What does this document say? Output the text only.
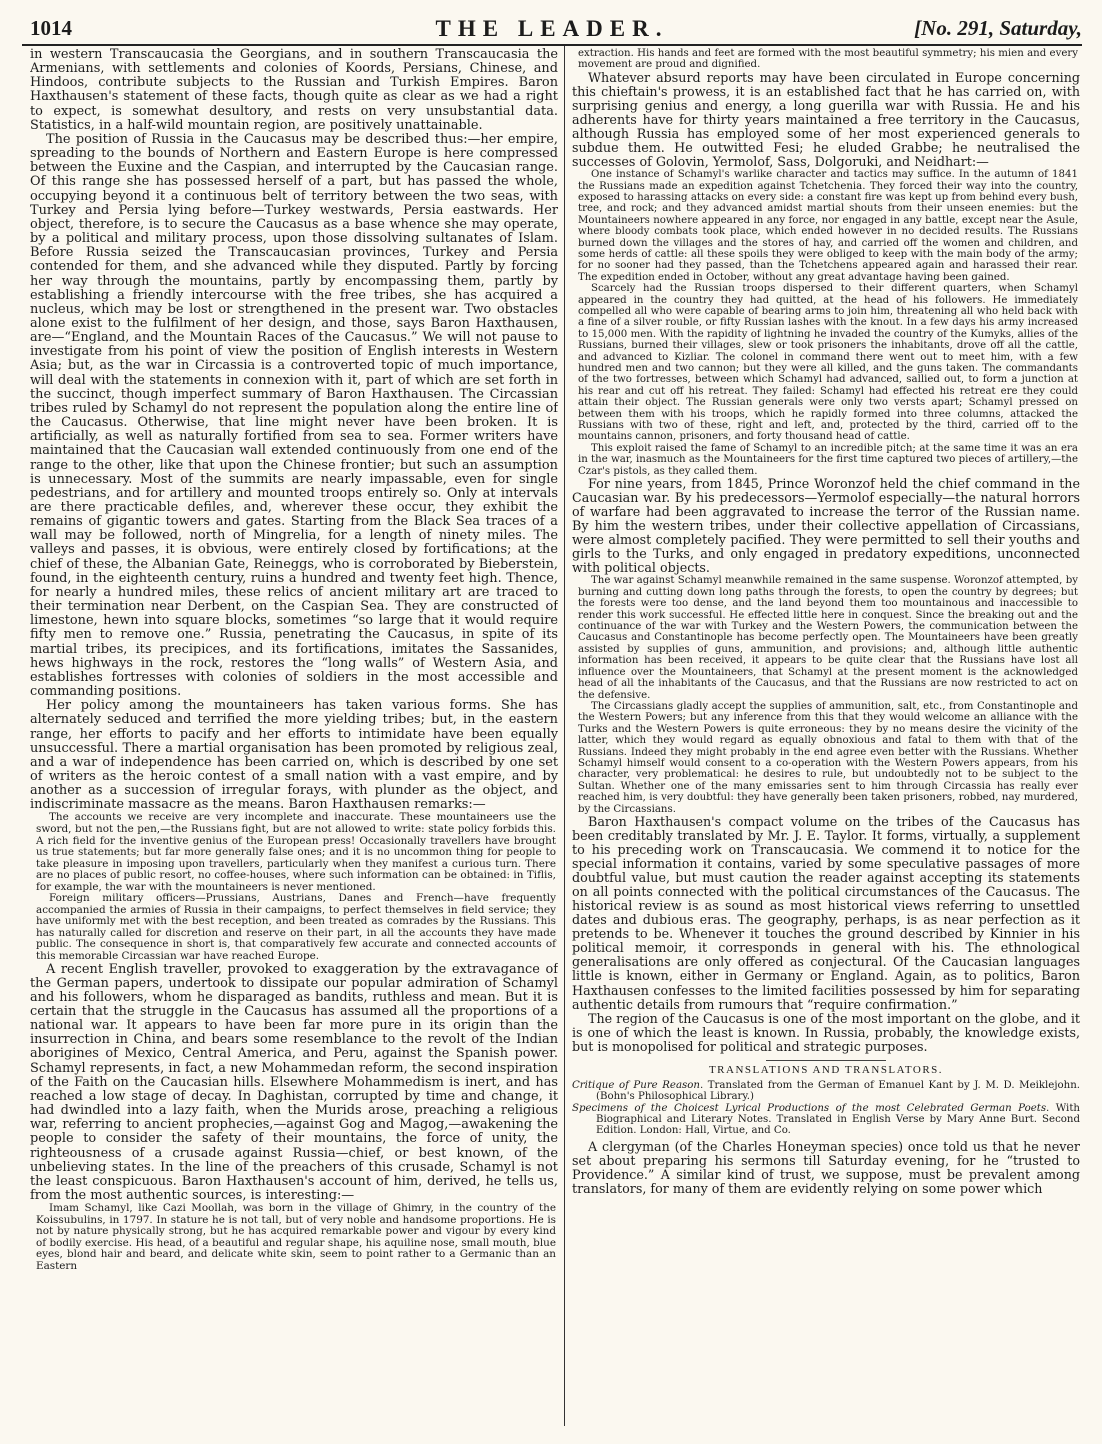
1014	THE LEADER.	[No. 291, Saturday,

in western Transcaucasia the Georgians, and in southern Transcaucasia the Armenians, with settlements and colonies of Koords, Persians, Chinese, and Hindoos, contribute subjects to the Russian and Turkish Empires. Baron Haxthausen's statement of these facts, though quite as clear as we had a right to expect, is somewhat desultory, and rests on very unsubstantial data. Statistics, in a half-wild mountain region, are positively unattainable.

The position of Russia in the Caucasus may be described thus:—her empire, spreading to the bounds of Northern and Eastern Europe is here compressed between the Euxine and the Caspian, and interrupted by the Caucasian range. Of this range she has possessed herself of a part, but has passed the whole, occupying beyond it a continuous belt of territory between the two seas, with Turkey and Persia lying before—Turkey westwards, Persia eastwards. Her object, therefore, is to secure the Caucasus as a base whence she may operate, by a political and military process, upon those dissolving sultanates of Islam. Before Russia seized the Transcaucasian provinces, Turkey and Persia contended for them, and she advanced while they disputed. Partly by forcing her way through the mountains, partly by encompassing them, partly by establishing a friendly intercourse with the free tribes, she has acquired a nucleus, which may be lost or strengthened in the present war. Two obstacles alone exist to the fulfilment of her design, and those, says Baron Haxthausen, are—“England, and the Mountain Races of the Caucasus.” We will not pause to investigate from his point of view the position of English interests in Western Asia; but, as the war in Circassia is a controverted topic of much importance, will deal with the statements in connexion with it, part of which are set forth in the succinct, though imperfect summary of Baron Haxthausen. The Circassian tribes ruled by Schamyl do not represent the population along the entire line of the Caucasus. Otherwise, that line might never have been broken. It is artificially, as well as naturally fortified from sea to sea. Former writers have maintained that the Caucasian wall extended continuously from one end of the range to the other, like that upon the Chinese frontier; but such an assumption is unnecessary. Most of the summits are nearly impassable, even for single pedestrians, and for artillery and mounted troops entirely so. Only at intervals are there practicable defiles, and, wherever these occur, they exhibit the remains of gigantic towers and gates. Starting from the Black Sea traces of a wall may be followed, north of Mingrelia, for a length of ninety miles. The valleys and passes, it is obvious, were entirely closed by fortifications; at the chief of these, the Albanian Gate, Reineggs, who is corroborated by Bieberstein, found, in the eighteenth century, ruins a hundred and twenty feet high. Thence, for nearly a hundred miles, these relics of ancient military art are traced to their termination near Derbent, on the Caspian Sea. They are constructed of limestone, hewn into square blocks, sometimes “so large that it would require fifty men to remove one.” Russia, penetrating the Caucasus, in spite of its martial tribes, its precipices, and its fortifications, imitates the Sassanides, hews highways in the rock, restores the “long walls” of Western Asia, and establishes fortresses with colonies of soldiers in the most accessible and commanding positions.

Her policy among the mountaineers has taken various forms. She has alternately seduced and terrified the more yielding tribes; but, in the eastern range, her efforts to pacify and her efforts to intimidate have been equally unsuccessful. There a martial organisation has been promoted by religious zeal, and a war of independence has been carried on, which is described by one set of writers as the heroic contest of a small nation with a vast empire, and by another as a succession of irregular forays, with plunder as the object, and indiscriminate massacre as the means. Baron Haxthausen remarks:—

The accounts we receive are very incomplete and inaccurate. These mountaineers use the sword, but not the pen,—the Russians fight, but are not allowed to write: state policy forbids this. A rich field for the inventive genius of the European press! Occasionally travellers have brought us true statements; but far more generally false ones; and it is no uncommon thing for people to take pleasure in imposing upon travellers, particularly when they manifest a curious turn. There are no places of public resort, no coffee-houses, where such information can be obtained: in Tiflis, for example, the war with the mountaineers is never mentioned.

Foreign military officers—Prussians, Austrians, Danes and French—have frequently accompanied the armies of Russia in their campaigns, to perfect themselves in field service; they have uniformly met with the best reception, and been treated as comrades by the Russians. This has naturally called for discretion and reserve on their part, in all the accounts they have made public. The consequence in short is, that comparatively few accurate and connected accounts of this memorable Circassian war have reached Europe.

A recent English traveller, provoked to exaggeration by the extravagance of the German papers, undertook to dissipate our popular admiration of Schamyl and his followers, whom he disparaged as bandits, ruthless and mean. But it is certain that the struggle in the Caucasus has assumed all the proportions of a national war. It appears to have been far more pure in its origin than the insurrection in China, and bears some resemblance to the revolt of the Indian aborigines of Mexico, Central America, and Peru, against the Spanish power. Schamyl represents, in fact, a new Mohammedan reform, the second inspiration of the Faith on the Caucasian hills. Elsewhere Mohammedism is inert, and has reached a low stage of decay. In Daghistan, corrupted by time and change, it had dwindled into a lazy faith, when the Murids arose, preaching a religious war, referring to ancient prophecies,—against Gog and Magog,—awakening the people to consider the safety of their mountains, the force of unity, the righteousness of a crusade against Russia—chief, or best known, of the unbelieving states. In the line of the preachers of this crusade, Schamyl is not the least conspicuous. Baron Haxthausen's account of him, derived, he tells us, from the most authentic sources, is interesting:—

Imam Schamyl, like Cazi Moollah, was born in the village of Ghimry, in the country of the Koissubulins, in 1797. In stature he is not tall, but of very noble and handsome proportions. He is not by nature physically strong, but he has acquired remarkable power and vigour by every kind of bodily exercise. His head, of a beautiful and regular shape, his aquiline nose, small mouth, blue eyes, blond hair and beard, and delicate white skin, seem to point rather to a Germanic than an Eastern

extraction. His hands and feet are formed with the most beautiful symmetry; his mien and every movement are proud and dignified.

Whatever absurd reports may have been circulated in Europe concerning this chieftain's prowess, it is an established fact that he has carried on, with surprising genius and energy, a long guerilla war with Russia. He and his adherents have for thirty years maintained a free territory in the Caucasus, although Russia has employed some of her most experienced generals to subdue them. He outwitted Fesi; he eluded Grabbe; he neutralised the successes of Golovin, Yermolof, Sass, Dolgoruki, and Neidhart:—

One instance of Schamyl's warlike character and tactics may suffice. In the autumn of 1841 the Russians made an expedition against Tchetchenia. They forced their way into the country, exposed to harassing attacks on every side: a constant fire was kept up from behind every bush, tree, and rock; and they advanced amidst martial shouts from their unseen enemies: but the Mountaineers nowhere appeared in any force, nor engaged in any battle, except near the Asule, where bloody combats took place, which ended however in no decided results. The Russians burned down the villages and the stores of hay, and carried off the women and children, and some herds of cattle: all these spoils they were obliged to keep with the main body of the army; for no sooner had they passed, than the Tchetchens appeared again and harassed their rear. The expedition ended in October, without any great advantage having been gained.

Scarcely had the Russian troops dispersed to their different quarters, when Schamyl appeared in the country they had quitted, at the head of his followers. He immediately compelled all who were capable of bearing arms to join him, threatening all who held back with a fine of a silver rouble, or fifty Russian lashes with the knout. In a few days his army increased to 15,000 men. With the rapidity of lightning he invaded the country of the Kumyks, allies of the Russians, burned their villages, slew or took prisoners the inhabitants, drove off all the cattle, and advanced to Kizliar. The colonel in command there went out to meet him, with a few hundred men and two cannon; but they were all killed, and the guns taken. The commandants of the two fortresses, between which Schamyl had advanced, sallied out, to form a junction at his rear and cut off his retreat. They failed: Schamyl had effected his retreat ere they could attain their object. The Russian generals were only two versts apart; Schamyl pressed on between them with his troops, which he rapidly formed into three columns, attacked the Russians with two of these, right and left, and, protected by the third, carried off to the mountains cannon, prisoners, and forty thousand head of cattle.

This exploit raised the fame of Schamyl to an incredible pitch; at the same time it was an era in the war, inasmuch as the Mountaineers for the first time captured two pieces of artillery,—the Czar's pistols, as they called them.

For nine years, from 1845, Prince Woronzof held the chief command in the Caucasian war. By his predecessors—Yermolof especially—the natural horrors of warfare had been aggravated to increase the terror of the Russian name. By him the western tribes, under their collective appellation of Circassians, were almost completely pacified. They were permitted to sell their youths and girls to the Turks, and only engaged in predatory expeditions, unconnected with political objects.

The war against Schamyl meanwhile remained in the same suspense. Woronzof attempted, by burning and cutting down long paths through the forests, to open the country by degrees; but the forests were too dense, and the land beyond them too mountainous and inaccessible to render this work successful. He effected little here in conquest. Since the breaking out and the continuance of the war with Turkey and the Western Powers, the communication between the Caucasus and Constantinople has become perfectly open. The Mountaineers have been greatly assisted by supplies of guns, ammunition, and provisions; and, although little authentic information has been received, it appears to be quite clear that the Russians have lost all influence over the Mountaineers, that Schamyl at the present moment is the acknowledged head of all the inhabitants of the Caucasus, and that the Russians are now restricted to act on the defensive.

The Circassians gladly accept the supplies of ammunition, salt, etc., from Constantinople and the Western Powers; but any inference from this that they would welcome an alliance with the Turks and the Western Powers is quite erroneous: they by no means desire the vicinity of the latter, which they would regard as equally obnoxious and fatal to them with that of the Russians. Indeed they might probably in the end agree even better with the Russians. Whether Schamyl himself would consent to a co-operation with the Western Powers appears, from his character, very problematical: he desires to rule, but undoubtedly not to be subject to the Sultan. Whether one of the many emissaries sent to him through Circassia has really ever reached him, is very doubtful: they have generally been taken prisoners, robbed, nay murdered, by the Circassians.

Baron Haxthausen's compact volume on the tribes of the Caucasus has been creditably translated by Mr. J. E. Taylor. It forms, virtually, a supplement to his preceding work on Transcaucasia. We commend it to notice for the special information it contains, varied by some speculative passages of more doubtful value, but must caution the reader against accepting its statements on all points connected with the political circumstances of the Caucasus. The historical review is as sound as most historical views referring to unsettled dates and dubious eras. The geography, perhaps, is as near perfection as it pretends to be. Whenever it touches the ground described by Kinnier in his political memoir, it corresponds in general with his. The ethnological generalisations are only offered as conjectural. Of the Caucasian languages little is known, either in Germany or England. Again, as to politics, Baron Haxthausen confesses to the limited facilities possessed by him for separating authentic details from rumours that “require confirmation.”

The region of the Caucasus is one of the most important on the globe, and it is one of which the least is known. In Russia, probably, the knowledge exists, but is monopolised for political and strategic purposes.

TRANSLATIONS AND TRANSLATORS.

Critique of Pure Reason. Translated from the German of Emanuel Kant by J. M. D. Meiklejohn. (Bohn's Philosophical Library.)

Specimens of the Choicest Lyrical Productions of the most Celebrated German Poets. With Biographical and Literary Notes. Translated in English Verse by Mary Anne Burt. Second Edition. London: Hall, Virtue, and Co.

A clergyman (of the Charles Honeyman species) once told us that he never set about preparing his sermons till Saturday evening, for he “trusted to Providence.” A similar kind of trust, we suppose, must be prevalent among translators, for many of them are evidently relying on some power which
